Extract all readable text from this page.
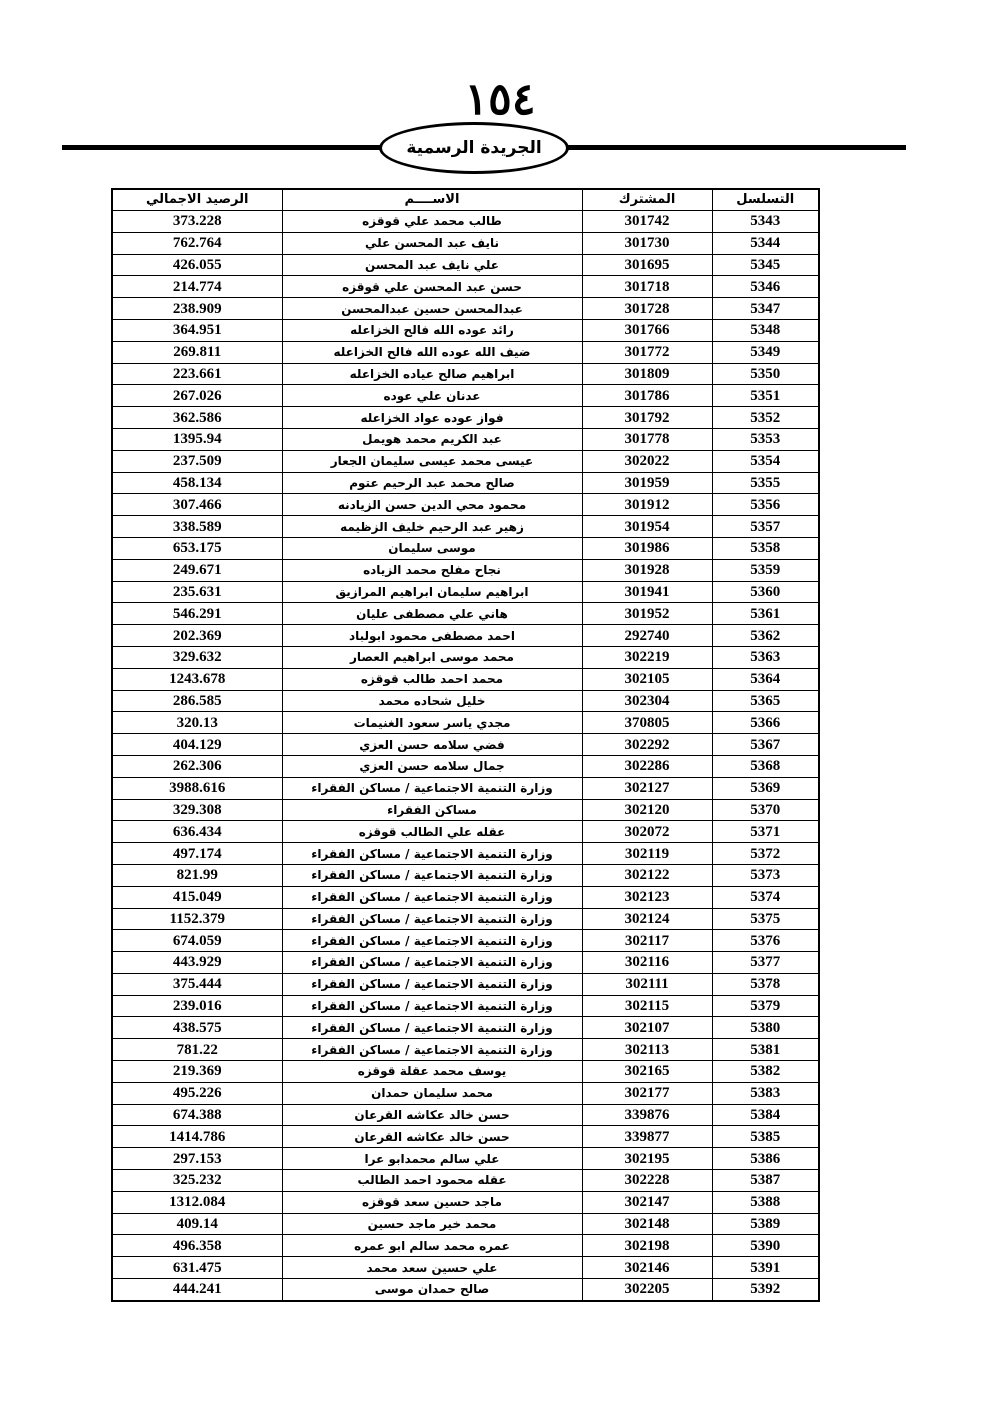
١٥٤
الجريدة الرسمية
التسلسل	المشترك	الاســــم	الرصيد الاجمالي
5343	301742	طالب محمد علي قوقزه	373.228
5344	301730	نايف عبد المحسن علي	762.764
5345	301695	علي نايف عبد المحسن	426.055
5346	301718	حسن عبد المحسن علي قوقزه	214.774
5347	301728	عبدالمحسن حسين عبدالمحسن	238.909
5348	301766	رائد عوده الله فالح الخزاعله	364.951
5349	301772	ضيف الله عوده الله فالح الخزاعله	269.811
5350	301809	ابراهيم صالح عياده الخزاعله	223.661
5351	301786	عدنان علي عوده	267.026
5352	301792	فواز عوده عواد الخزاعله	362.586
5353	301778	عبد الكريم محمد هويمل	1395.94
5354	302022	عيسى محمد عيسى سليمان الجعار	237.509
5355	301959	صالح محمد عبد الرحيم عتوم	458.134
5356	301912	محمود محي الدين حسن الزيادنه	307.466
5357	301954	زهير عبد الرحيم خليف الزظيمه	338.589
5358	301986	موسى سليمان	653.175
5359	301928	نجاح مفلح محمد الزياده	249.671
5360	301941	ابراهيم سليمان ابراهيم المرازيق	235.631
5361	301952	هاني علي مصطفى عليان	546.291
5362	292740	احمد مصطفى محمود ابولباد	202.369
5363	302219	محمد موسى ابراهيم العصار	329.632
5364	302105	محمد احمد طالب قوقزه	1243.678
5365	302304	خليل شحاده محمد	286.585
5366	370805	مجدي ياسر سعود الغنيمات	320.13
5367	302292	فضي سلامه حسن العزي	404.129
5368	302286	جمال سلامه حسن العزي	262.306
5369	302127	وزارة التنمية الاجتماعية / مساكن الفقراء	3988.616
5370	302120	مساكن الفقراء	329.308
5371	302072	عقله علي الطالب قوقزه	636.434
5372	302119	وزارة التنمية الاجتماعية / مساكن الفقراء	497.174
5373	302122	وزارة التنمية الاجتماعية / مساكن الفقراء	821.99
5374	302123	وزارة التنمية الاجتماعية / مساكن الفقراء	415.049
5375	302124	وزارة التنمية الاجتماعية / مساكن الفقراء	1152.379
5376	302117	وزارة التنمية الاجتماعية / مساكن الفقراء	674.059
5377	302116	وزارة التنمية الاجتماعية / مساكن الفقراء	443.929
5378	302111	وزارة التنمية الاجتماعية / مساكن الفقراء	375.444
5379	302115	وزارة التنمية الاجتماعية / مساكن الفقراء	239.016
5380	302107	وزارة التنمية الاجتماعية / مساكن الفقراء	438.575
5381	302113	وزارة التنمية الاجتماعية / مساكن الفقراء	781.22
5382	302165	يوسف محمد عقلة قوقزه	219.369
5383	302177	محمد سليمان حمدان	495.226
5384	339876	حسن خالد عكاشه القرعان	674.388
5385	339877	حسن خالد عكاشه القرعان	1414.786
5386	302195	علي سالم محمدابو عرا	297.153
5387	302228	عقله محمود احمد الطالب	325.232
5388	302147	ماجد حسين سعد قوقزه	1312.084
5389	302148	محمد خير ماجد حسين	409.14
5390	302198	عمره محمد سالم ابو عمره	496.358
5391	302146	علي حسين سعد محمد	631.475
5392	302205	صالح حمدان موسى	444.241
